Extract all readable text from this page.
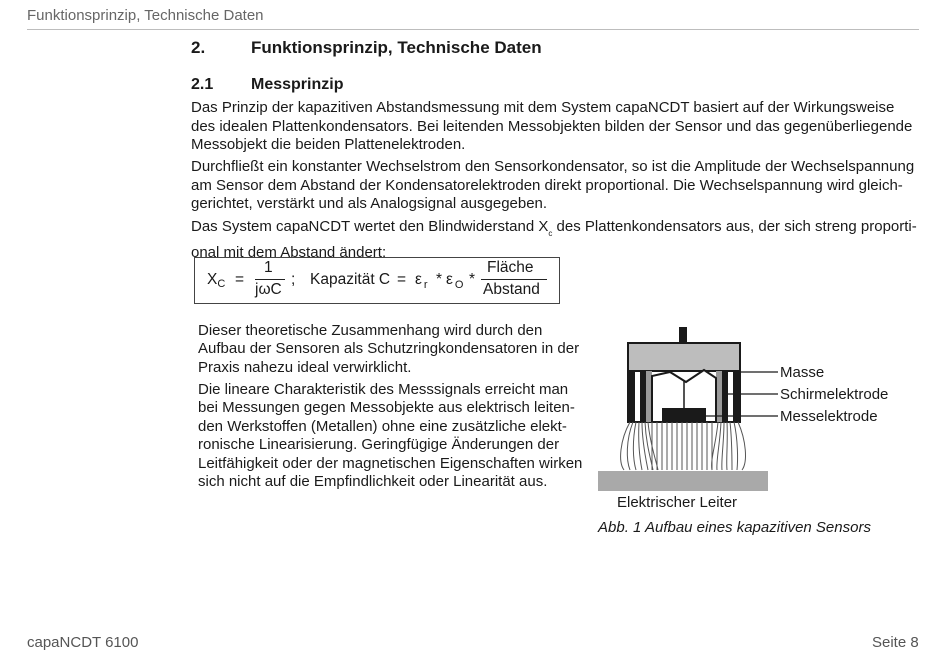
Funktionsprinzip, Technische Daten
2.	Funktionsprinzip, Technische Daten
2.1 Messprinzip
Das Prinzip der kapazitiven Abstandsmessung mit dem System capaNCDT basiert auf der Wirkungsweise
des idealen Plattenkondensators. Bei leitenden Messobjekten bilden der Sensor und das gegenüberliegende
Messobjekt die beiden Plattenelektroden.
Durchfließt ein konstanter Wechselstrom den Sensorkondensator, so ist die Amplitude der Wechselspannung
am Sensor dem Abstand der Kondensatorelektroden direkt proportional. Die Wechselspannung wird gleich-
gerichtet, verstärkt und als Analogsignal ausgegeben.
Das System capaNCDT wertet den Blindwiderstand $X_c$ des Plattenkondensators aus, der sich streng proporti-
onal mit dem Abstand ändert:
XC =
1
jωC
; Kapazität C = ε $_r$ * ε $_O$ *
Fläche
Abstand
Dieser theoretische Zusammenhang wird durch den
Aufbau der Sensoren als Schutzringkondensatoren in der
Praxis nahezu ideal verwirklicht.
Die lineare Charakteristik des Messsignals erreicht man
bei Messungen gegen Messobjekte aus elektrisch leiten-
den Werkstoffen (Metallen) ohne eine zusätzliche elekt-
ronische Linearisierung. Geringfügige Änderungen der
Leitfähigkeit oder der magnetischen Eigenschaften wirken
sich nicht auf die Empfindlichkeit oder Linearität aus.
Masse
Schirmelektrode
Messelektrode
Elektrischer Leiter
Abb. 1 Aufbau eines kapazitiven Sensors
capaNCDT 6100	Seite 8
